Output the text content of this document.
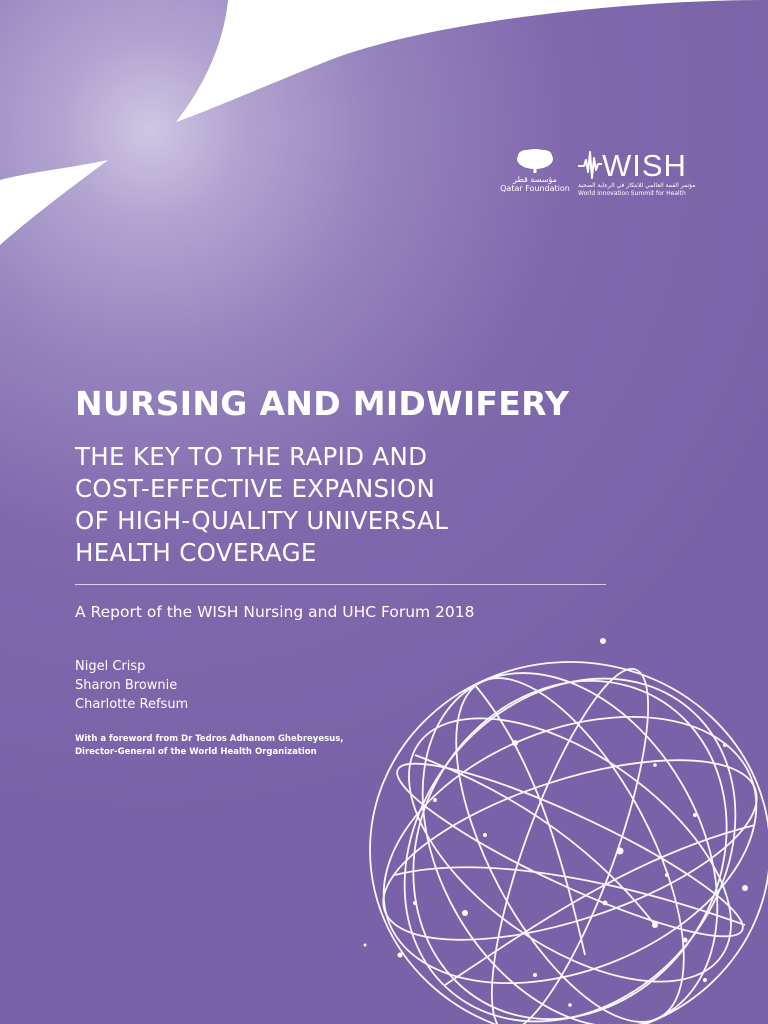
مؤسسة قطر
Qatar Foundation
WISH
مؤتمر القمة العالمي للابتكار في الرعاية الصحية
World Innovation Summit for Health
NURSING AND MIDWIFERY
THE KEY TO THE RAPID AND
COST-EFFECTIVE EXPANSION
OF HIGH-QUALITY UNIVERSAL
HEALTH COVERAGE
A Report of the WISH Nursing and UHC Forum 2018
Nigel Crisp
Sharon Brownie
Charlotte Refsum
With a foreword from Dr Tedros Adhanom Ghebreyesus,
Director-General of the World Health Organization
